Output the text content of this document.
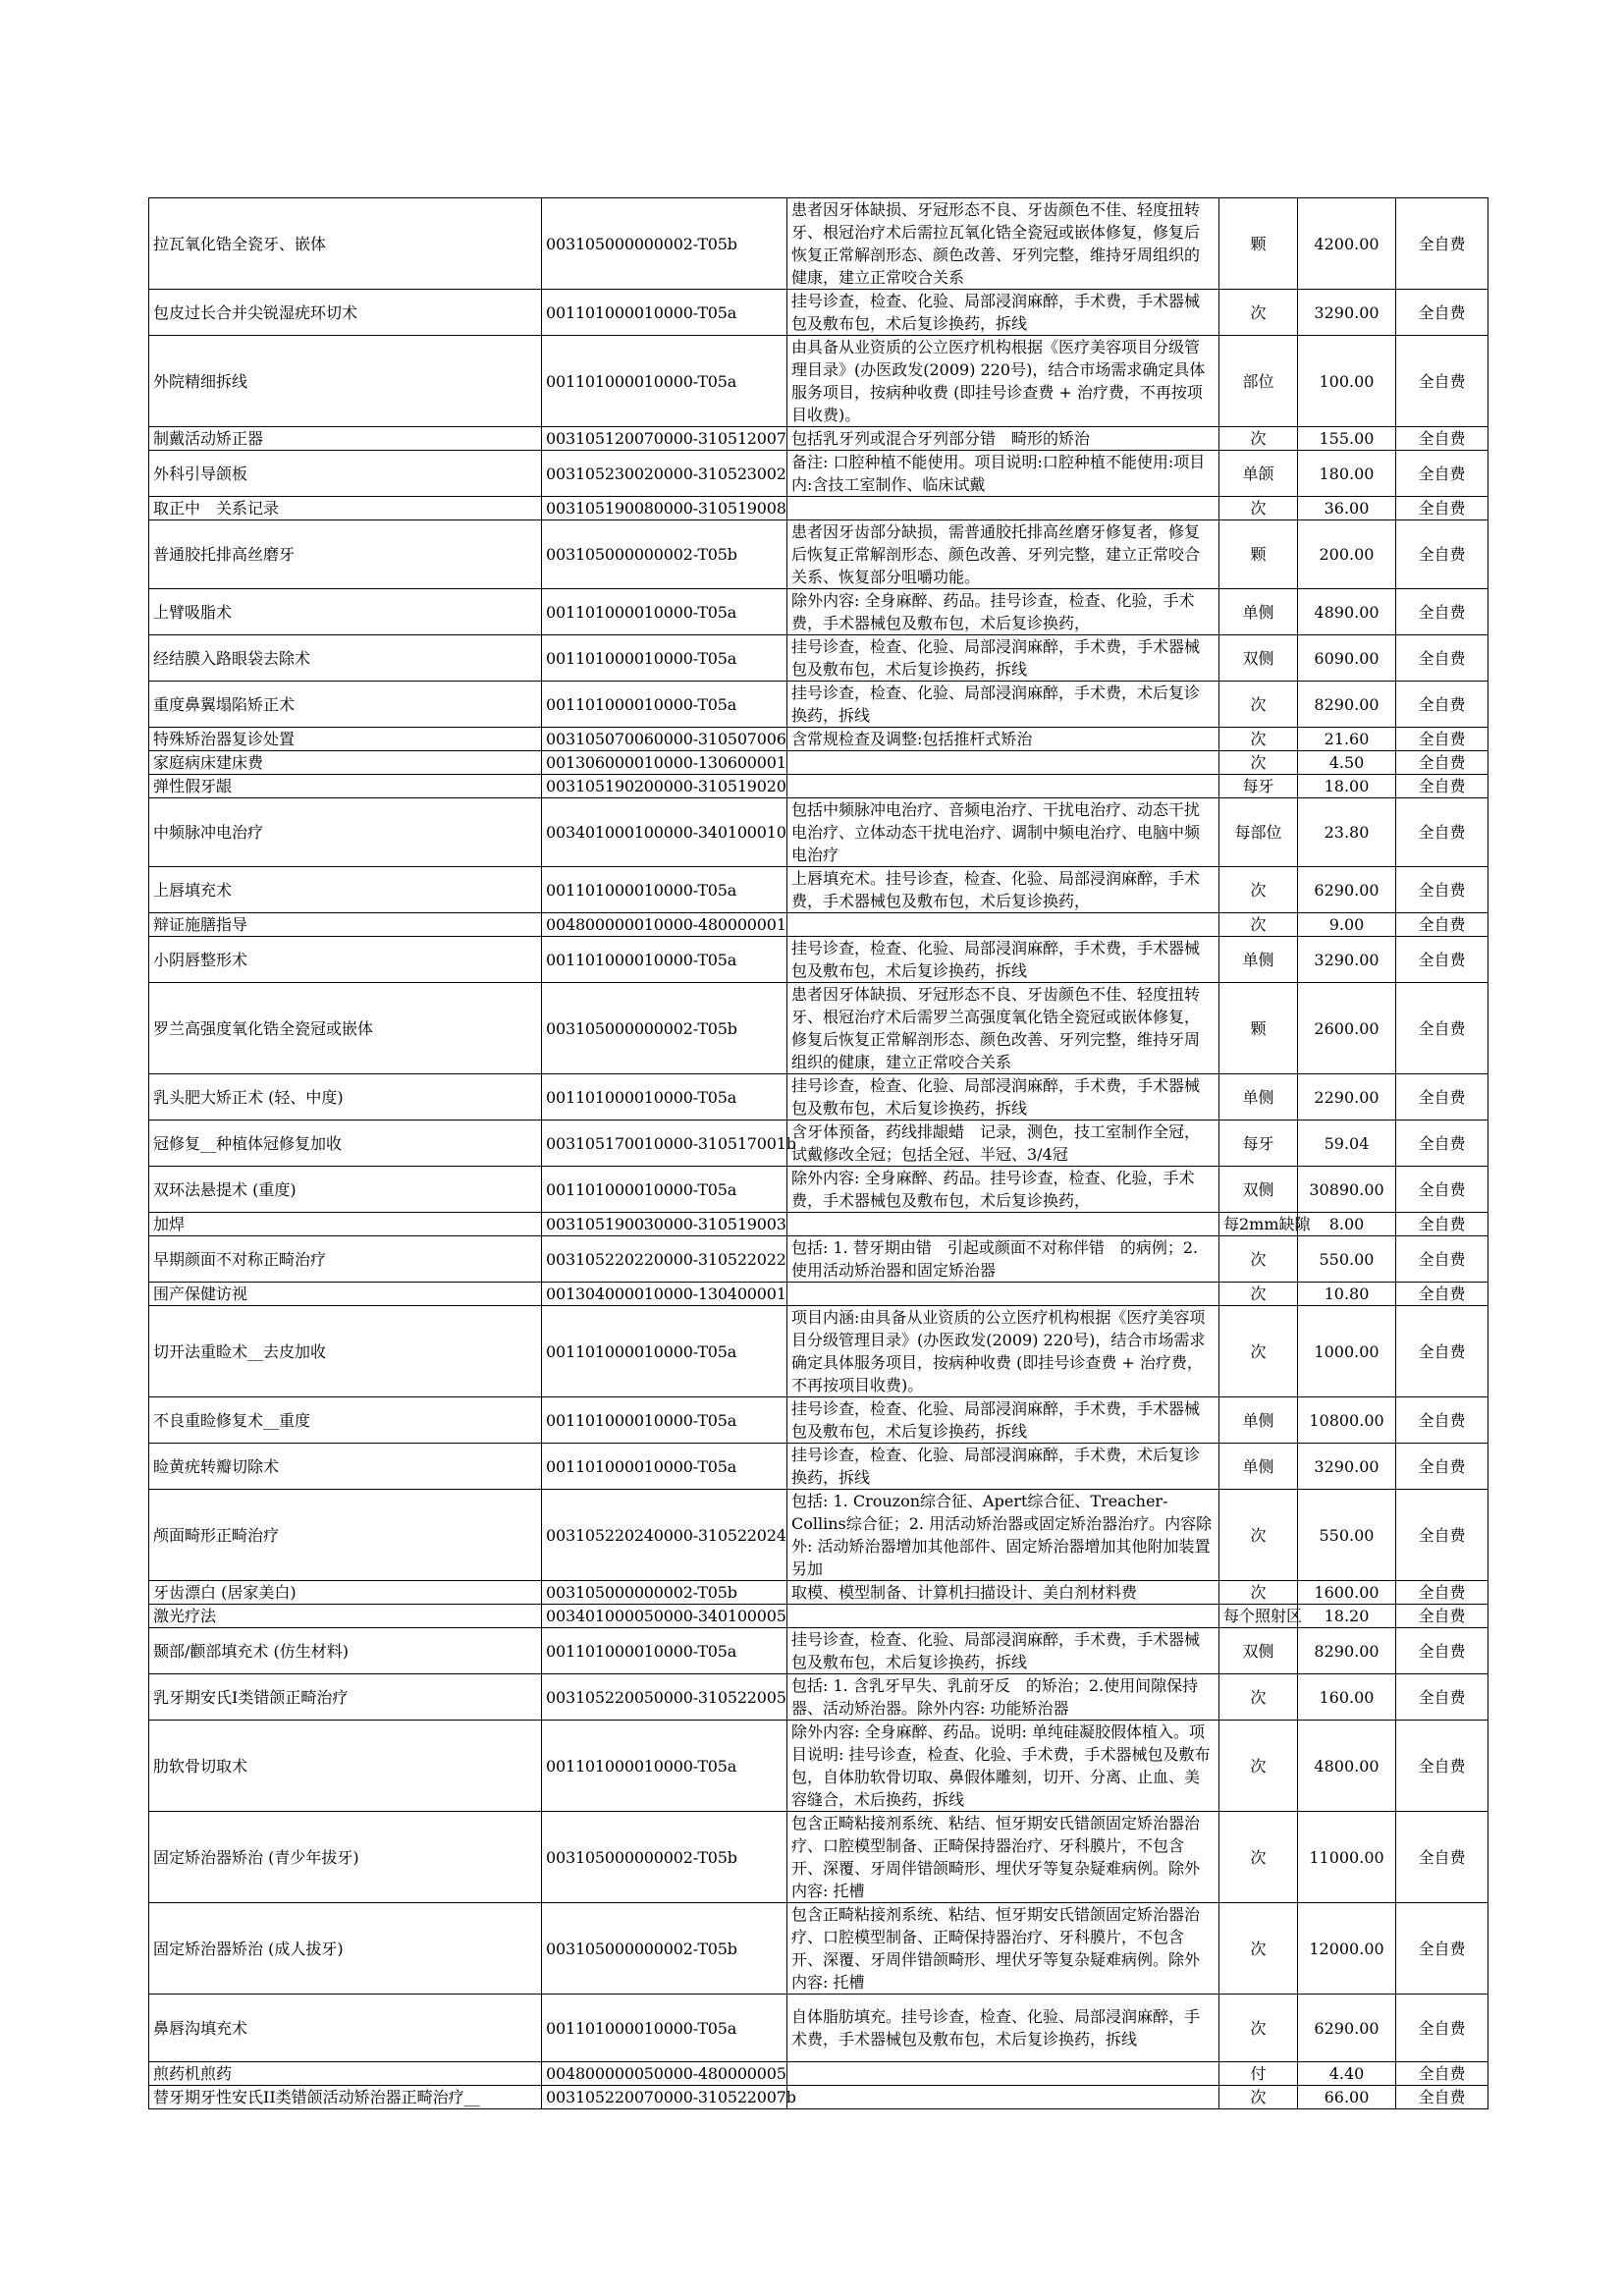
拉瓦氧化锆全瓷牙、嵌体	003105000000002-T05b	患者因牙体缺损、牙冠形态不良、牙齿颜色不佳、轻度扭转牙、根冠治疗术后需拉瓦氧化锆全瓷冠或嵌体修复，修复后恢复正常解剖形态、颜色改善、牙列完整，维持牙周组织的健康，建立正常咬合关系	颗	4200.00	全自费
包皮过长合并尖锐湿疣环切术	001101000010000-T05a	挂号诊查，检查、化验、局部浸润麻醉，手术费，手术器械包及敷布包，术后复诊换药，拆线	次	3290.00	全自费
外院精细拆线	001101000010000-T05a	由具备从业资质的公立医疗机构根据《医疗美容项目分级管理目录》(办医政发(2009) 220号)，结合市场需求确定具体服务项目，按病种收费 (即挂号诊查费 + 治疗费，不再按项目收费)。	部位	100.00	全自费
制戴活动矫正器	003105120070000-310512007	包括乳牙列或混合牙列部分错　畸形的矫治	次	155.00	全自费
外科引导颌板	003105230020000-310523002	备注: 口腔种植不能使用。项目说明:口腔种植不能使用:项目内:含技工室制作、临床试戴	单颌	180.00	全自费
取正中　关系记录	003105190080000-310519008		次	36.00	全自费
普通胶托排高丝磨牙	003105000000002-T05b	患者因牙齿部分缺损，需普通胶托排高丝磨牙修复者，修复后恢复正常解剖形态、颜色改善、牙列完整，建立正常咬合关系、恢复部分咀嚼功能。	颗	200.00	全自费
上臂吸脂术	001101000010000-T05a	除外内容: 全身麻醉、药品。挂号诊查，检查、化验，手术费，手术器械包及敷布包，术后复诊换药，	单侧	4890.00	全自费
经结膜入路眼袋去除术	001101000010000-T05a	挂号诊查，检查、化验、局部浸润麻醉，手术费，手术器械包及敷布包，术后复诊换药，拆线	双侧	6090.00	全自费
重度鼻翼塌陷矫正术	001101000010000-T05a	挂号诊查，检查、化验、局部浸润麻醉，手术费，术后复诊换药，拆线	次	8290.00	全自费
特殊矫治器复诊处置	003105070060000-310507006	含常规检查及调整:包括推杆式矫治	次	21.60	全自费
家庭病床建床费	001306000010000-130600001		次	4.50	全自费
弹性假牙龈	003105190200000-310519020		每牙	18.00	全自费
中频脉冲电治疗	003401000100000-340100010	包括中频脉冲电治疗、音频电治疗、干扰电治疗、动态干扰电治疗、立体动态干扰电治疗、调制中频电治疗、电脑中频电治疗	每部位	23.80	全自费
上唇填充术	001101000010000-T05a	上唇填充术。挂号诊查，检查、化验、局部浸润麻醉，手术费，手术器械包及敷布包，术后复诊换药，	次	6290.00	全自费
辩证施膳指导	004800000010000-480000001		次	9.00	全自费
小阴唇整形术	001101000010000-T05a	挂号诊查，检查、化验、局部浸润麻醉，手术费，手术器械包及敷布包，术后复诊换药，拆线	单侧	3290.00	全自费
罗兰高强度氧化锆全瓷冠或嵌体	003105000000002-T05b	患者因牙体缺损、牙冠形态不良、牙齿颜色不佳、轻度扭转牙、根冠治疗术后需罗兰高强度氧化锆全瓷冠或嵌体修复，修复后恢复正常解剖形态、颜色改善、牙列完整，维持牙周组织的健康，建立正常咬合关系	颗	2600.00	全自费
乳头肥大矫正术 (轻、中度)	001101000010000-T05a	挂号诊查，检查、化验、局部浸润麻醉，手术费，手术器械包及敷布包，术后复诊换药，拆线	单侧	2290.00	全自费
冠修复__种植体冠修复加收	003105170010000-310517001b	含牙体预备，药线排龈蜡　记录，测色，技工室制作全冠，试戴修改全冠；包括全冠、半冠、3/4冠	每牙	59.04	全自费
双环法悬提术 (重度)	001101000010000-T05a	除外内容: 全身麻醉、药品。挂号诊查，检查、化验，手术费，手术器械包及敷布包，术后复诊换药，	双侧	30890.00	全自费
加焊	003105190030000-310519003		每2mm缺隙	8.00	全自费
早期颜面不对称正畸治疗	003105220220000-310522022	包括: 1. 替牙期由错　引起或颜面不对称伴错　的病例；2. 使用活动矫治器和固定矫治器	次	550.00	全自费
围产保健访视	001304000010000-130400001		次	10.80	全自费
切开法重睑术__去皮加收	001101000010000-T05a	项目内涵:由具备从业资质的公立医疗机构根据《医疗美容项目分级管理目录》(办医政发(2009) 220号)，结合市场需求确定具体服务项目，按病种收费 (即挂号诊查费 + 治疗费，不再按项目收费)。	次	1000.00	全自费
不良重睑修复术__重度	001101000010000-T05a	挂号诊查，检查、化验、局部浸润麻醉，手术费，手术器械包及敷布包，术后复诊换药，拆线	单侧	10800.00	全自费
睑黄疣转瓣切除术	001101000010000-T05a	挂号诊查，检查、化验、局部浸润麻醉，手术费，术后复诊换药，拆线	单侧	3290.00	全自费
颅面畸形正畸治疗	003105220240000-310522024	包括: 1. Crouzon综合征、Apert综合征、Treacher-Collins综合征；2. 用活动矫治器或固定矫治器治疗。内容除外: 活动矫治器增加其他部件、固定矫治器增加其他附加装置另加	次	550.00	全自费
牙齿漂白 (居家美白)	003105000000002-T05b	取模、模型制备、计算机扫描设计、美白剂材料费	次	1600.00	全自费
激光疗法	003401000050000-340100005		每个照射区	18.20	全自费
颞部/颧部填充术 (仿生材料)	001101000010000-T05a	挂号诊查，检查、化验、局部浸润麻醉，手术费，手术器械包及敷布包，术后复诊换药，拆线	双侧	8290.00	全自费
乳牙期安氏I类错颌正畸治疗	003105220050000-310522005	包括: 1. 含乳牙早失、乳前牙反　的矫治；2.使用间隙保持器、活动矫治器。除外内容: 功能矫治器	次	160.00	全自费
肋软骨切取术	001101000010000-T05a	除外内容: 全身麻醉、药品。说明: 单纯硅凝胶假体植入。项目说明: 挂号诊查，检查、化验、手术费，手术器械包及敷布包，自体肋软骨切取、鼻假体雕刻，切开、分离、止血、美容缝合，术后换药，拆线	次	4800.00	全自费
固定矫治器矫治 (青少年拔牙)	003105000000002-T05b	包含正畸粘接剂系统、粘结、恒牙期安氏错颌固定矫治器治疗、口腔模型制备、正畸保持器治疗、牙科膜片，不包含开、深覆、牙周伴错颌畸形、埋伏牙等复杂疑难病例。除外内容: 托槽	次	11000.00	全自费
固定矫治器矫治 (成人拔牙)	003105000000002-T05b	包含正畸粘接剂系统、粘结、恒牙期安氏错颌固定矫治器治疗、口腔模型制备、正畸保持器治疗、牙科膜片，不包含开、深覆、牙周伴错颌畸形、埋伏牙等复杂疑难病例。除外内容: 托槽	次	12000.00	全自费
鼻唇沟填充术	001101000010000-T05a	自体脂肪填充。挂号诊查，检查、化验、局部浸润麻醉，手术费，手术器械包及敷布包，术后复诊换药，拆线	次	6290.00	全自费
煎药机煎药	004800000050000-480000005		付	4.40	全自费
替牙期牙性安氏II类错颌活动矫治器正畸治疗__	003105220070000-310522007b		次	66.00	全自费
